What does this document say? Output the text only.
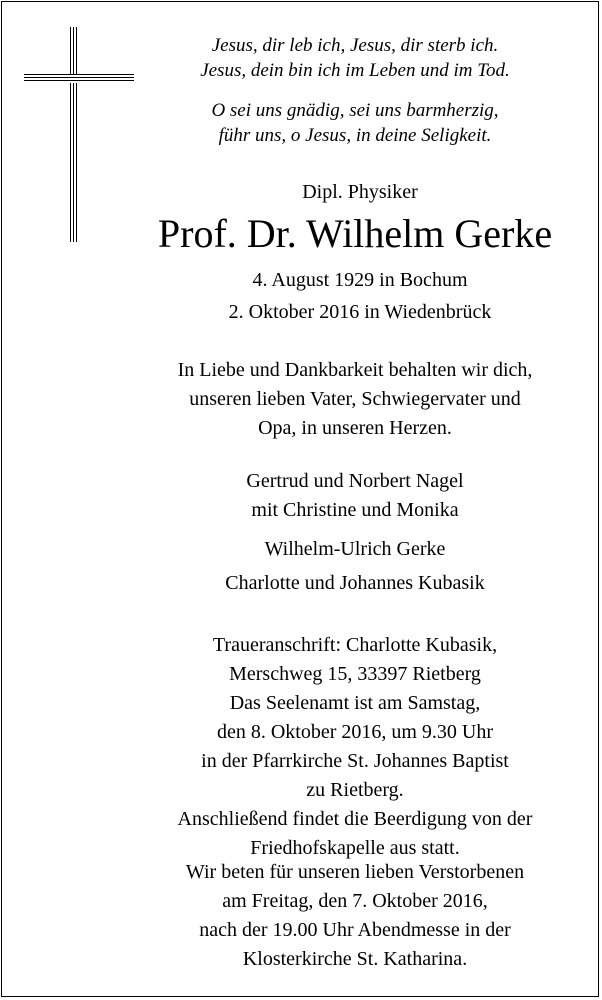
Jesus, dir leb ich, Jesus, dir sterb ich.

Jesus, dein bin ich im Leben und im Tod.

O sei uns gnädig, sei uns barmherzig,

führ uns, o Jesus, in deine Seligkeit.

Dipl. Physiker
Prof. Dr. Wilhelm Gerke
4. August 1929 in Bochum
2. Oktober 2016 in Wiedenbrück

In Liebe und Dankbarkeit behalten wir dich,

unseren lieben Vater, Schwiegervater und

Opa, in unseren Herzen.

Gertrud und Norbert Nagel

mit Christine und Monika

Wilhelm-Ulrich Gerke
Charlotte und Johannes Kubasik

Traueranschrift: Charlotte Kubasik,

Merschweg 15, 33397 Rietberg

Das Seelenamt ist am Samstag,

den 8. Oktober 2016, um 9.30 Uhr

in der Pfarrkirche St. Johannes Baptist

zu Rietberg.

Anschließend findet die Beerdigung von der

Friedhofskapelle aus statt.

Wir beten für unseren lieben Verstorbenen

am Freitag, den 7. Oktober 2016,

nach der 19.00 Uhr Abendmesse in der

Klosterkirche St. Katharina.
